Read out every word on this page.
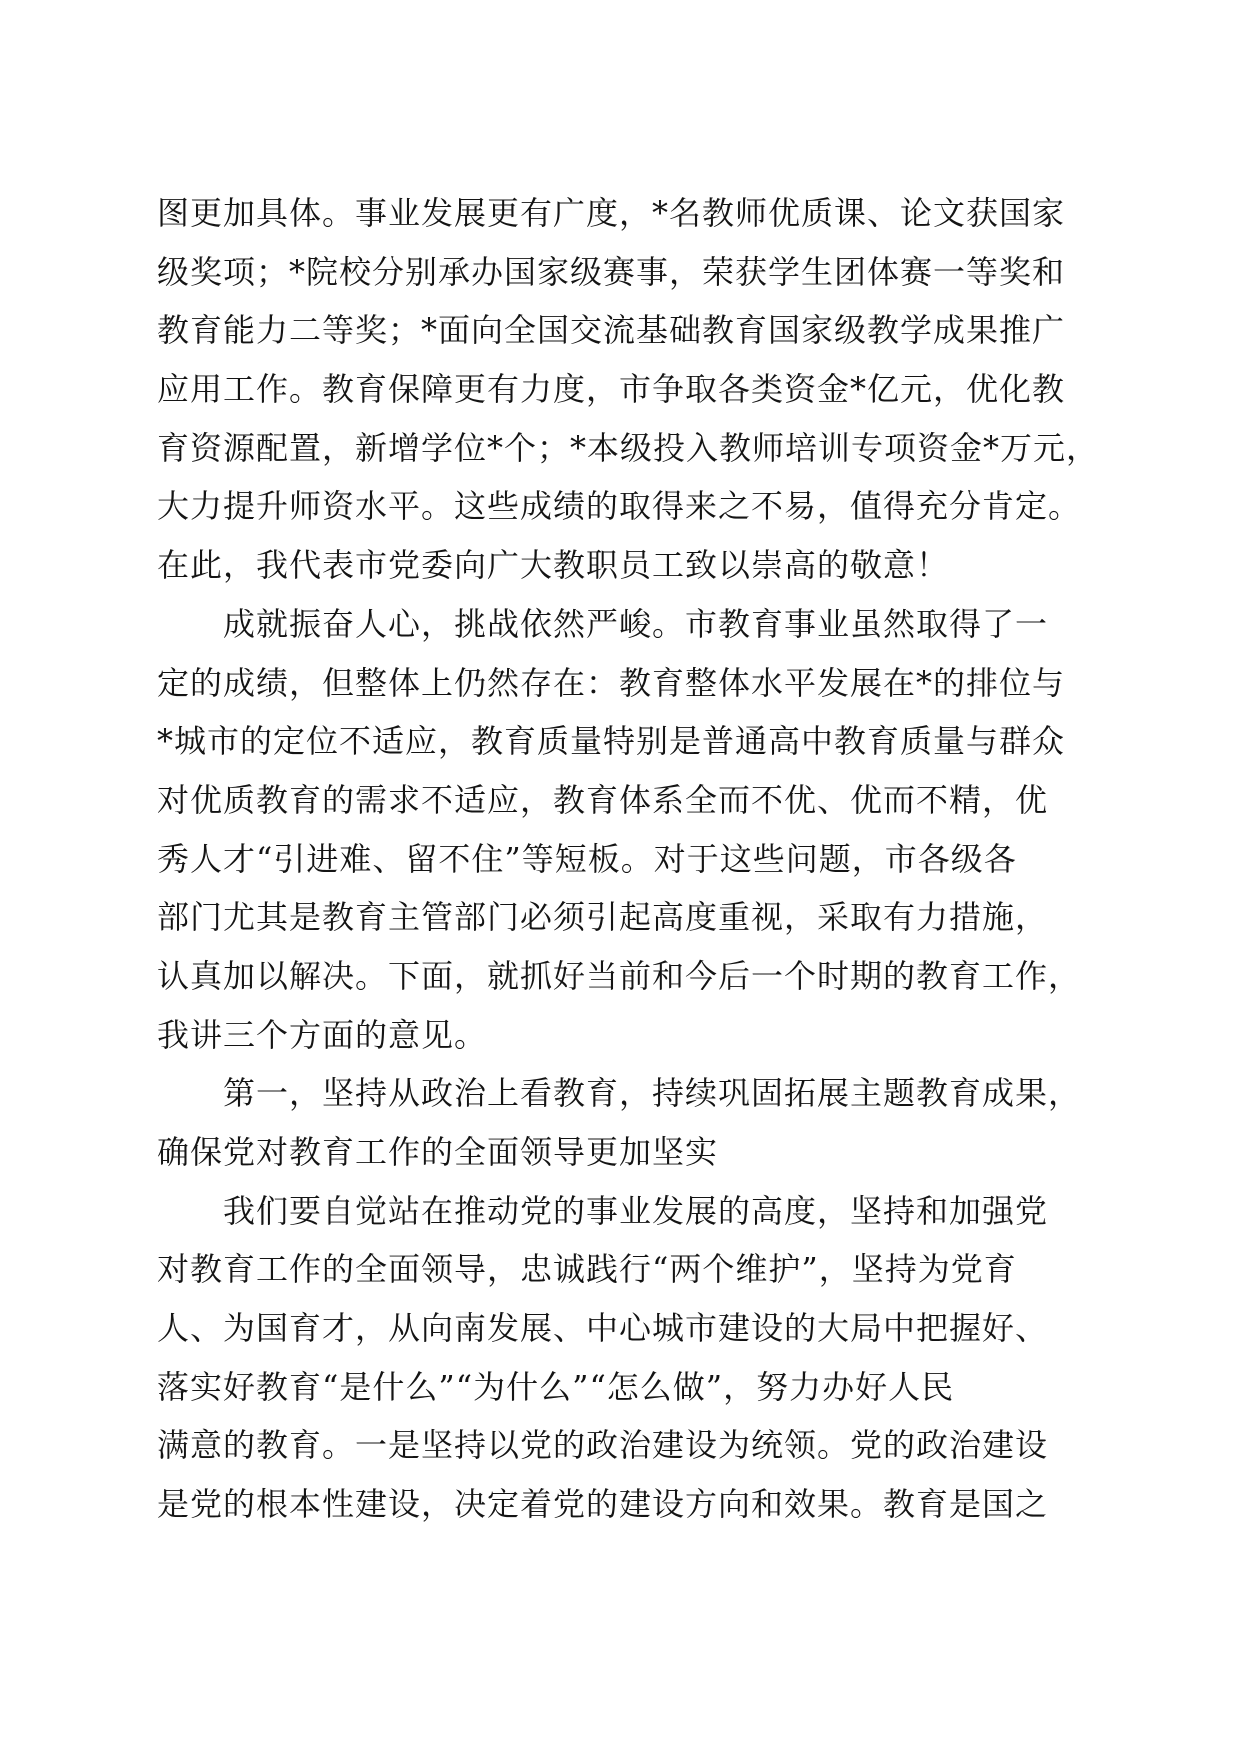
图更加具体。事业发展更有广度，*名教师优质课、论文获国家
级奖项；*院校分别承办国家级赛事，荣获学生团体赛一等奖和
教育能力二等奖；*面向全国交流基础教育国家级教学成果推广
应用工作。教育保障更有力度，市争取各类资金*亿元，优化教
育资源配置，新增学位*个；*本级投入教师培训专项资金*万元，
大力提升师资水平。这些成绩的取得来之不易，值得充分肯定。
在此，我代表市党委向广大教职员工致以崇高的敬意！
成就振奋人心，挑战依然严峻。市教育事业虽然取得了一
定的成绩，但整体上仍然存在：教育整体水平发展在*的排位与
*城市的定位不适应，教育质量特别是普通高中教育质量与群众
对优质教育的需求不适应，教育体系全而不优、优而不精，优
秀人才“引进难、留不住”等短板。对于这些问题，市各级各
部门尤其是教育主管部门必须引起高度重视，采取有力措施，
认真加以解决。下面，就抓好当前和今后一个时期的教育工作，
我讲三个方面的意见。
第一，坚持从政治上看教育，持续巩固拓展主题教育成果，
确保党对教育工作的全面领导更加坚实
我们要自觉站在推动党的事业发展的高度，坚持和加强党
对教育工作的全面领导，忠诚践行“两个维护”，坚持为党育
人、为国育才，从向南发展、中心城市建设的大局中把握好、
落实好教育“是什么”“为什么”“怎么做”，努力办好人民
满意的教育。一是坚持以党的政治建设为统领。党的政治建设
是党的根本性建设，决定着党的建设方向和效果。教育是国之
